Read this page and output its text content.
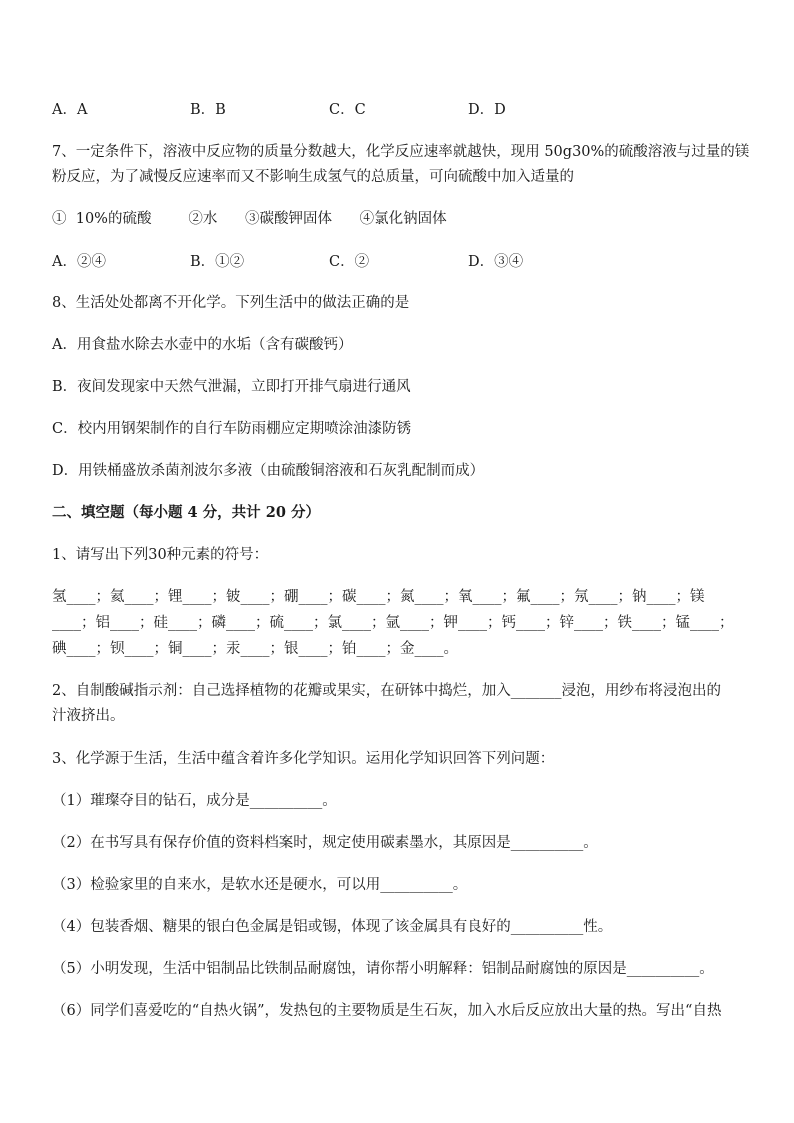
A．A	B．B	C．C	D．D
7、一定条件下，溶液中反应物的质量分数越大，化学反应速率就越快，现用 50g30%的硫酸溶液与过量的镁
粉反应，为了减慢反应速率而又不影响生成氢气的总质量，可向硫酸中加入适量的
①  10%的硫酸        ②水      ③碳酸钾固体      ④氯化钠固体
A．②④	B．①②	C．②	D．③④
8、生活处处都离不开化学。下列生活中的做法正确的是
A．用食盐水除去水壶中的水垢（含有碳酸钙）
B．夜间发现家中天然气泄漏，立即打开排气扇进行通风
C．校内用钢架制作的自行车防雨棚应定期喷涂油漆防锈
D．用铁桶盛放杀菌剂波尔多液（由硫酸铜溶液和石灰乳配制而成）
二、填空题（每小题 4 分，共计 20 分）
1、请写出下列30种元素的符号：
氢____；氦____；锂____；铍____；硼____；碳____；氮____；氧____；氟____；氖____；钠____；镁
____；铝____；硅____；磷____；硫____；氯____；氩____；钾____；钙____；锌____；铁____；锰____；
碘____；钡____；铜____；汞____；银____；铂____；金____。
2、自制酸碱指示剂：自己选择植物的花瓣或果实，在研钵中捣烂，加入_______浸泡，用纱布将浸泡出的
汁液挤出。
3、化学源于生活，生活中蕴含着许多化学知识。运用化学知识回答下列问题：
（1）璀璨夺目的钻石，成分是__________。
（2）在书写具有保存价值的资料档案时，规定使用碳素墨水，其原因是__________。
（3）检验家里的自来水，是软水还是硬水，可以用__________。
（4）包装香烟、糖果的银白色金属是铝或锡，体现了该金属具有良好的__________性。
（5）小明发现，生活中铝制品比铁制品耐腐蚀，请你帮小明解释：铝制品耐腐蚀的原因是__________。
（6）同学们喜爱吃的“自热火锅”，发热包的主要物质是生石灰，加入水后反应放出大量的热。写出“自热
